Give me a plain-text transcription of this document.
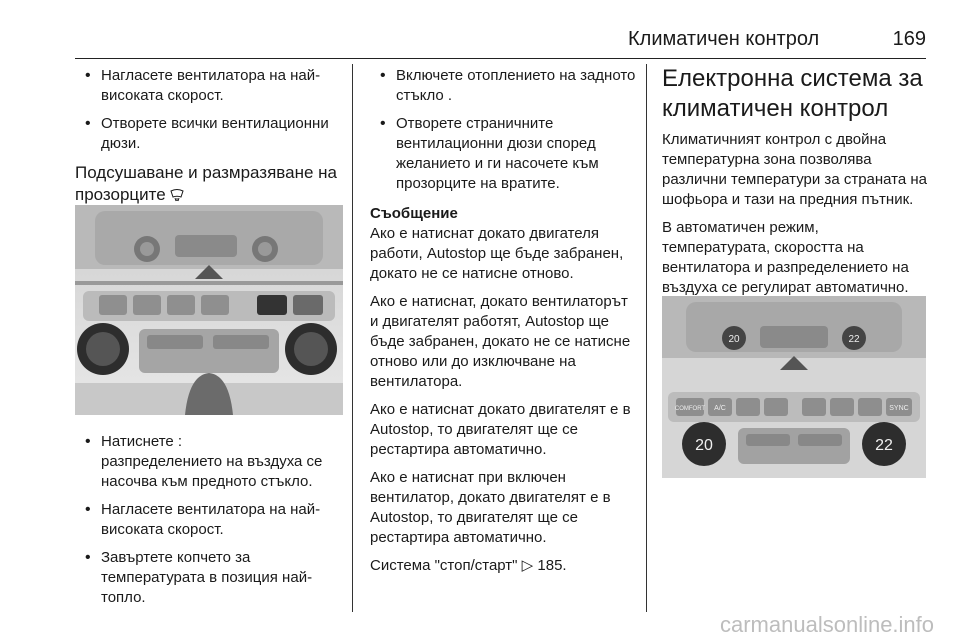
Климатичен контрол	169
• Нагласете вентилатора на най-високата скорост.
• Отворете всички вентилационни дюзи.
Подсушаване и размразяване на прозорците
• Натиснете :
разпределението на въздуха се насочва към предното стъкло.
• Нагласете вентилатора на най-високата скорост.
• Завъртете копчето за температурата в позиция най-топло.
• Включете отоплението на задното стъкло .
• Отворете страничните вентилационни дюзи според желанието и ги насочете към прозорците на вратите.
Съобщение

Ако е натиснат докато двигателя работи, Autostop ще бъде забранен, докато не се натисне отново.

Ако е натиснат, докато вентилаторът и двигателят работят, Autostop ще бъде забранен, докато не се натисне отново или до изключване на вентилатора.

Ако е натиснат докато двигателят е в Autostop, то двигателят ще се рестартира автоматично.

Ако е натиснат при включен вентилатор, докато двигателят е в Autostop, то двигателят ще се рестартира автоматично.

Система "стоп/старт" ▷ 185.

Електронна система за климатичен контрол

Климатичният контрол с двойна температурна зона позволява различни температури за страната на шофьора и тази на предния пътник.

В автоматичен режим, температурата, скоростта на вентилатора и разпределението на въздуха се регулират автоматично.

20	22
COMFORT A/C	SYNC
20	22
carmanualsonline.info
